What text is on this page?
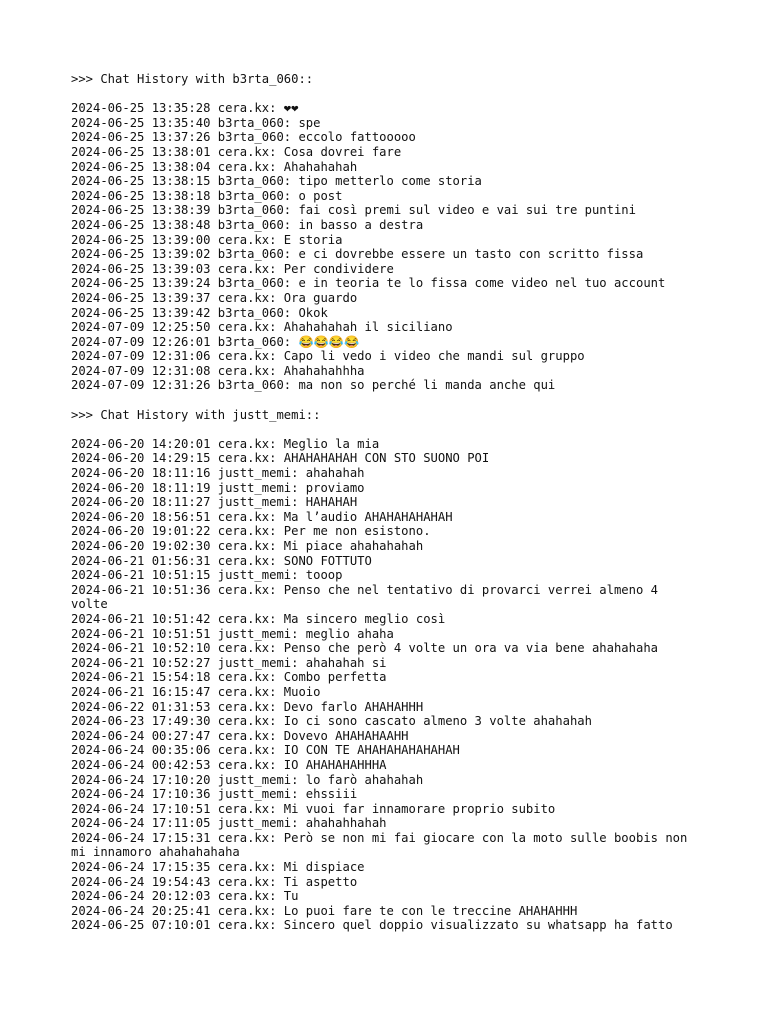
>>> Chat History with b3rta_060::
2024-06-25 13:35:28 cera.kx: ❤❤
2024-06-25 13:35:40 b3rta_060: spe
2024-06-25 13:37:26 b3rta_060: eccolo fattooooo
2024-06-25 13:38:01 cera.kx: Cosa dovrei fare
2024-06-25 13:38:04 cera.kx: Ahahahahah
2024-06-25 13:38:15 b3rta_060: tipo metterlo come storia
2024-06-25 13:38:18 b3rta_060: o post
2024-06-25 13:38:39 b3rta_060: fai così premi sul video e vai sui tre puntini
2024-06-25 13:38:48 b3rta_060: in basso a destra
2024-06-25 13:39:00 cera.kx: E storia
2024-06-25 13:39:02 b3rta_060: e ci dovrebbe essere un tasto con scritto fissa
2024-06-25 13:39:03 cera.kx: Per condividere
2024-06-25 13:39:24 b3rta_060: e in teoria te lo fissa come video nel tuo account
2024-06-25 13:39:37 cera.kx: Ora guardo
2024-06-25 13:39:42 b3rta_060: Okok
2024-07-09 12:25:50 cera.kx: Ahahahahah il siciliano
2024-07-09 12:26:01 b3rta_060: 😂😂😂😂
2024-07-09 12:31:06 cera.kx: Capo li vedo i video che mandi sul gruppo
2024-07-09 12:31:08 cera.kx: Ahahahahhha
2024-07-09 12:31:26 b3rta_060: ma non so perché li manda anche qui
>>> Chat History with justt_memi::
2024-06-20 14:20:01 cera.kx: Meglio la mia
2024-06-20 14:29:15 cera.kx: AHAHAHAHAH CON STO SUONO POI
2024-06-20 18:11:16 justt_memi: ahahahah
2024-06-20 18:11:19 justt_memi: proviamo
2024-06-20 18:11:27 justt_memi: HAHAHAH
2024-06-20 18:56:51 cera.kx: Ma l’audio AHAHAHAHAHAH
2024-06-20 19:01:22 cera.kx: Per me non esistono.
2024-06-20 19:02:30 cera.kx: Mi piace ahahahahah
2024-06-21 01:56:31 cera.kx: SONO FOTTUTO
2024-06-21 10:51:15 justt_memi: tooop
2024-06-21 10:51:36 cera.kx: Penso che nel tentativo di provarci verrei almeno 4 volte
2024-06-21 10:51:42 cera.kx: Ma sincero meglio così
2024-06-21 10:51:51 justt_memi: meglio ahaha
2024-06-21 10:52:10 cera.kx: Penso che però 4 volte un ora va via bene ahahahaha
2024-06-21 10:52:27 justt_memi: ahahahah si
2024-06-21 15:54:18 cera.kx: Combo perfetta
2024-06-21 16:15:47 cera.kx: Muoio
2024-06-22 01:31:53 cera.kx: Devo farlo AHAHAHHH
2024-06-23 17:49:30 cera.kx: Io ci sono cascato almeno 3 volte ahahahah
2024-06-24 00:27:47 cera.kx: Dovevo AHAHAHAAHH
2024-06-24 00:35:06 cera.kx: IO CON TE AHAHAHAHAHAHAH
2024-06-24 00:42:53 cera.kx: IO AHAHAHAHHHA
2024-06-24 17:10:20 justt_memi: lo farò ahahahah
2024-06-24 17:10:36 justt_memi: ehssiii
2024-06-24 17:10:51 cera.kx: Mi vuoi far innamorare proprio subito
2024-06-24 17:11:05 justt_memi: ahahahhahah
2024-06-24 17:15:31 cera.kx: Però se non mi fai giocare con la moto sulle boobis non mi innamoro ahahahahaha
2024-06-24 17:15:35 cera.kx: Mi dispiace
2024-06-24 19:54:43 cera.kx: Ti aspetto
2024-06-24 20:12:03 cera.kx: Tu
2024-06-24 20:25:41 cera.kx: Lo puoi fare te con le treccine AHAHAHHH
2024-06-25 07:10:01 cera.kx: Sincero quel doppio visualizzato su whatsapp ha fatto
